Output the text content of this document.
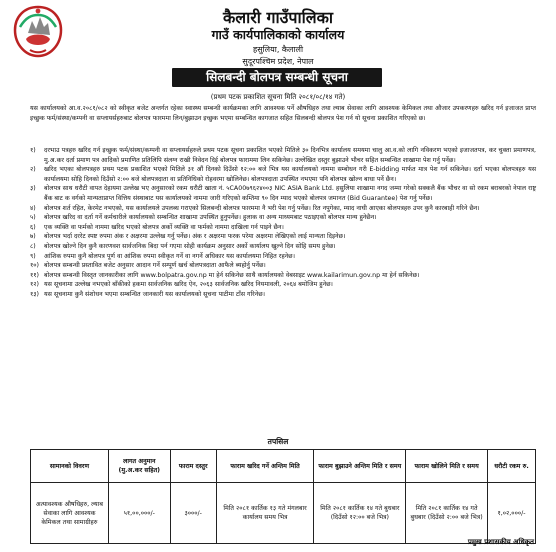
कैलारी गाउँपालिका
गाउँ कार्यपालिकाको कार्यालय
हसुलिया, कैलाली
सुदूरपश्चिम प्रदेश, नेपाल
सिलबन्दी बोलपत्र सम्बन्धी सूचना
(प्रथम पटक प्रकाशित सूचना मिति २०८१/०८/१४ गते)
यस कार्यालयको आ.व.२०८१/०८२ को स्वीकृत बजेट अन्तर्गत रहेका स्वास्थ्य सम्बन्धी कार्यक्रमका लागि आवश्यक पर्ने औषधिहरु तथा ल्याब सेवाका लागि आवश्यक केमिकल तथा औजार उपकरणहरु खरिद गर्न इजाजत प्राप्त इच्छुक फर्म/संस्था/कम्पनी वा सप्लायर्सहरुबाट बोलपत्र फारममा लिन/बुझाउन इच्छुक भएमा सम्बन्धित कागजात सहित सिलबन्दी बोलपत्र पेश गर्न यो सूचना प्रकाशित गरिएको छ।
१) दरभाउ पत्रहरु खरिद गर्न इच्छुक फर्म/संस्था/कम्पनी वा सप्लायर्सहरुले प्रथम पटक सूचना प्रकाशित भएको मितिले ३० दिनभित्र कार्यालय समयमा चालु आ.व.को लागि नविकरण भएको इजाजतपत्र, कर चुक्ता प्रमाणपत्र, मु.अ.कर दर्ता प्रमाण पत्र आदिको प्रमाणित प्रतिलिपि संलग्न राखी निवेदन दिई बोलपत्र फाराममा लिन सकिनेछ। उल्लेखित दस्तुर बुझाउने भौचर सहित सम्बन्धित शाखामा पेश गर्नु पर्नेछ।
२) खरिद भएका बोलपत्रहरु प्रथम पटक प्रकाशित भएको मितिले ३१ औं दिनको दिउँसो १२:०० बजे भित्र यस कार्यालयको नाममा सम्बोधन गरी E-bidding मार्फत मात्र पेश गर्न सकिनेछ। दर्ता भएका बोलपत्रहरु यस कार्यालयमा सोहि दिनको दिउँसो २:०० बजे बोलपत्रदाता वा प्रतिनिधिको रोहवरमा खोलिनेछ। बोलपत्रदाता उपस्थित नभएमा पनि बोलपत्र खोल्न बाधा पर्ने छैन।
३) बोलपत्र साथ धरौटी वापत देहायमा उल्लेख भए अनुसारको रकम धरौटी खाता नं. ५CA00७९६२४००३ NIC ASIA Bank Ltd. हसुलिया शाखामा नगद जम्मा गरेको सक्कलै बैंक भौचर वा सो रकम बराबरको नेपाल राष्ट्र बैंक बाट क वर्गको मान्यताप्राप्त वित्तिय संस्थाबाट यस कार्यालयको नाममा जारी गरिएको कम्तिमा ९० दिन म्याद भएको बोलपत्र जमानत (Bid Guarantee) पेश गर्नु पर्नेछ।
४) बोलपत्र शर्त रहित, केरमेट नभएको, यस कार्यालयले उपलब्ध गराएको सिलबन्दी बोलपत्र फारममा नै भरी पेश गर्नु पर्नेछ। रित नपुगेका, म्याद नाघी आएका बोलपत्रहरु उपर कुनै कारबाही गरिने छैन।
५) बोलपत्र खरिद वा दर्ता गर्ने कर्मचारीले कार्यालयको सम्बन्धित शाखामा उपस्थित हुनुपर्नेछ। हुलाक वा अन्य माध्यमबाट पठाइएको बोलपत्र मान्य हुनेछैन।
६) एक व्यक्ति वा फर्मको नाममा खरिद भएको बोलपत्र अर्को व्यक्ति वा फर्मको नाममा दाखिला गर्न पाइने छैन।
७) बोलपत्र भर्दा दररेट स्पष्ट रुपमा अंक र अक्षरमा उल्लेख गर्नु पर्नेछ। अंक र अक्षरमा फरक परेमा अक्षरमा लेखिएको लाई मान्यता दिइनेछ।
८) बोलपत्र खोल्ने दिन कुनै कारणवश सार्वजनिक बिदा पर्न गएमा सोही कार्यक्रम अनुसार अर्को कार्यालय खुल्ने दिन सोहि समय हुनेछ।
९) आंशिक रुपमा कुनै बोलपत्र पूर्ण वा आंशिक रुपमा स्वीकृत गर्ने वा नगर्ने अधिकार यस कार्यालयमा निहित रहनेछ।
१०) बोलपत्र सम्बन्धी प्रस्तावित बजेट अनुसार आदान गर्ने सम्पूर्ण खर्च बोलपत्रदाता आफैले ब्यहोर्नु पर्नेछ।
११) बोलपत्र सम्बन्धी विस्तृत जानकारीका लागि www.bolpatra.gov.np मा हेर्न सकिनेछ साथै कार्यालयको वेबसाइट www.kailarimun.gov.np मा हेर्न सकिनेछ।
१२) यस सूचनामा उल्लेख नभएको बाँकीको हकमा सार्वजनिक खरिद ऐन, २०६३ सार्वजनिक खरिद नियमावली, २०६४ बमोजिम हुनेछ।
१३) यस सूचनामा कुनै संशोधन भएमा सम्बन्धित जानकारी यस कार्यालयको सूचना पाटीमा टाँस गरिनेछ।
तपसिल
सामानको विवरण	लागत अनुमान (मु.अ.कर सहित)	फाराम दस्तुर	फाराम खरिद गर्ने अन्तिम मिति	फाराम बुझाउने अन्तिम मिति र समय	फाराम खोलिने मिति र समय	धरौटी रकम रु.
अत्यावश्यक औषधिहरु, ल्याब सेवाका लागि आवश्यक केमिकल तथा सामाग्रीहरु	५१,००,०००/-	३०००/-	मिति २०८१ कार्तिक १३ गते मंगलबार कार्यालय समय भित्र	मिति २०८१ कार्तिक १४ गते बुधबार (दिउँसो १२:०० बजे भित्र)	मिति २०८१ कार्तिक १४ गते बुधबार (दिउँसो २:०० बजे भित्र)	१,०२,०००/-
प्रमुख प्रशासकीय अधिकृत
